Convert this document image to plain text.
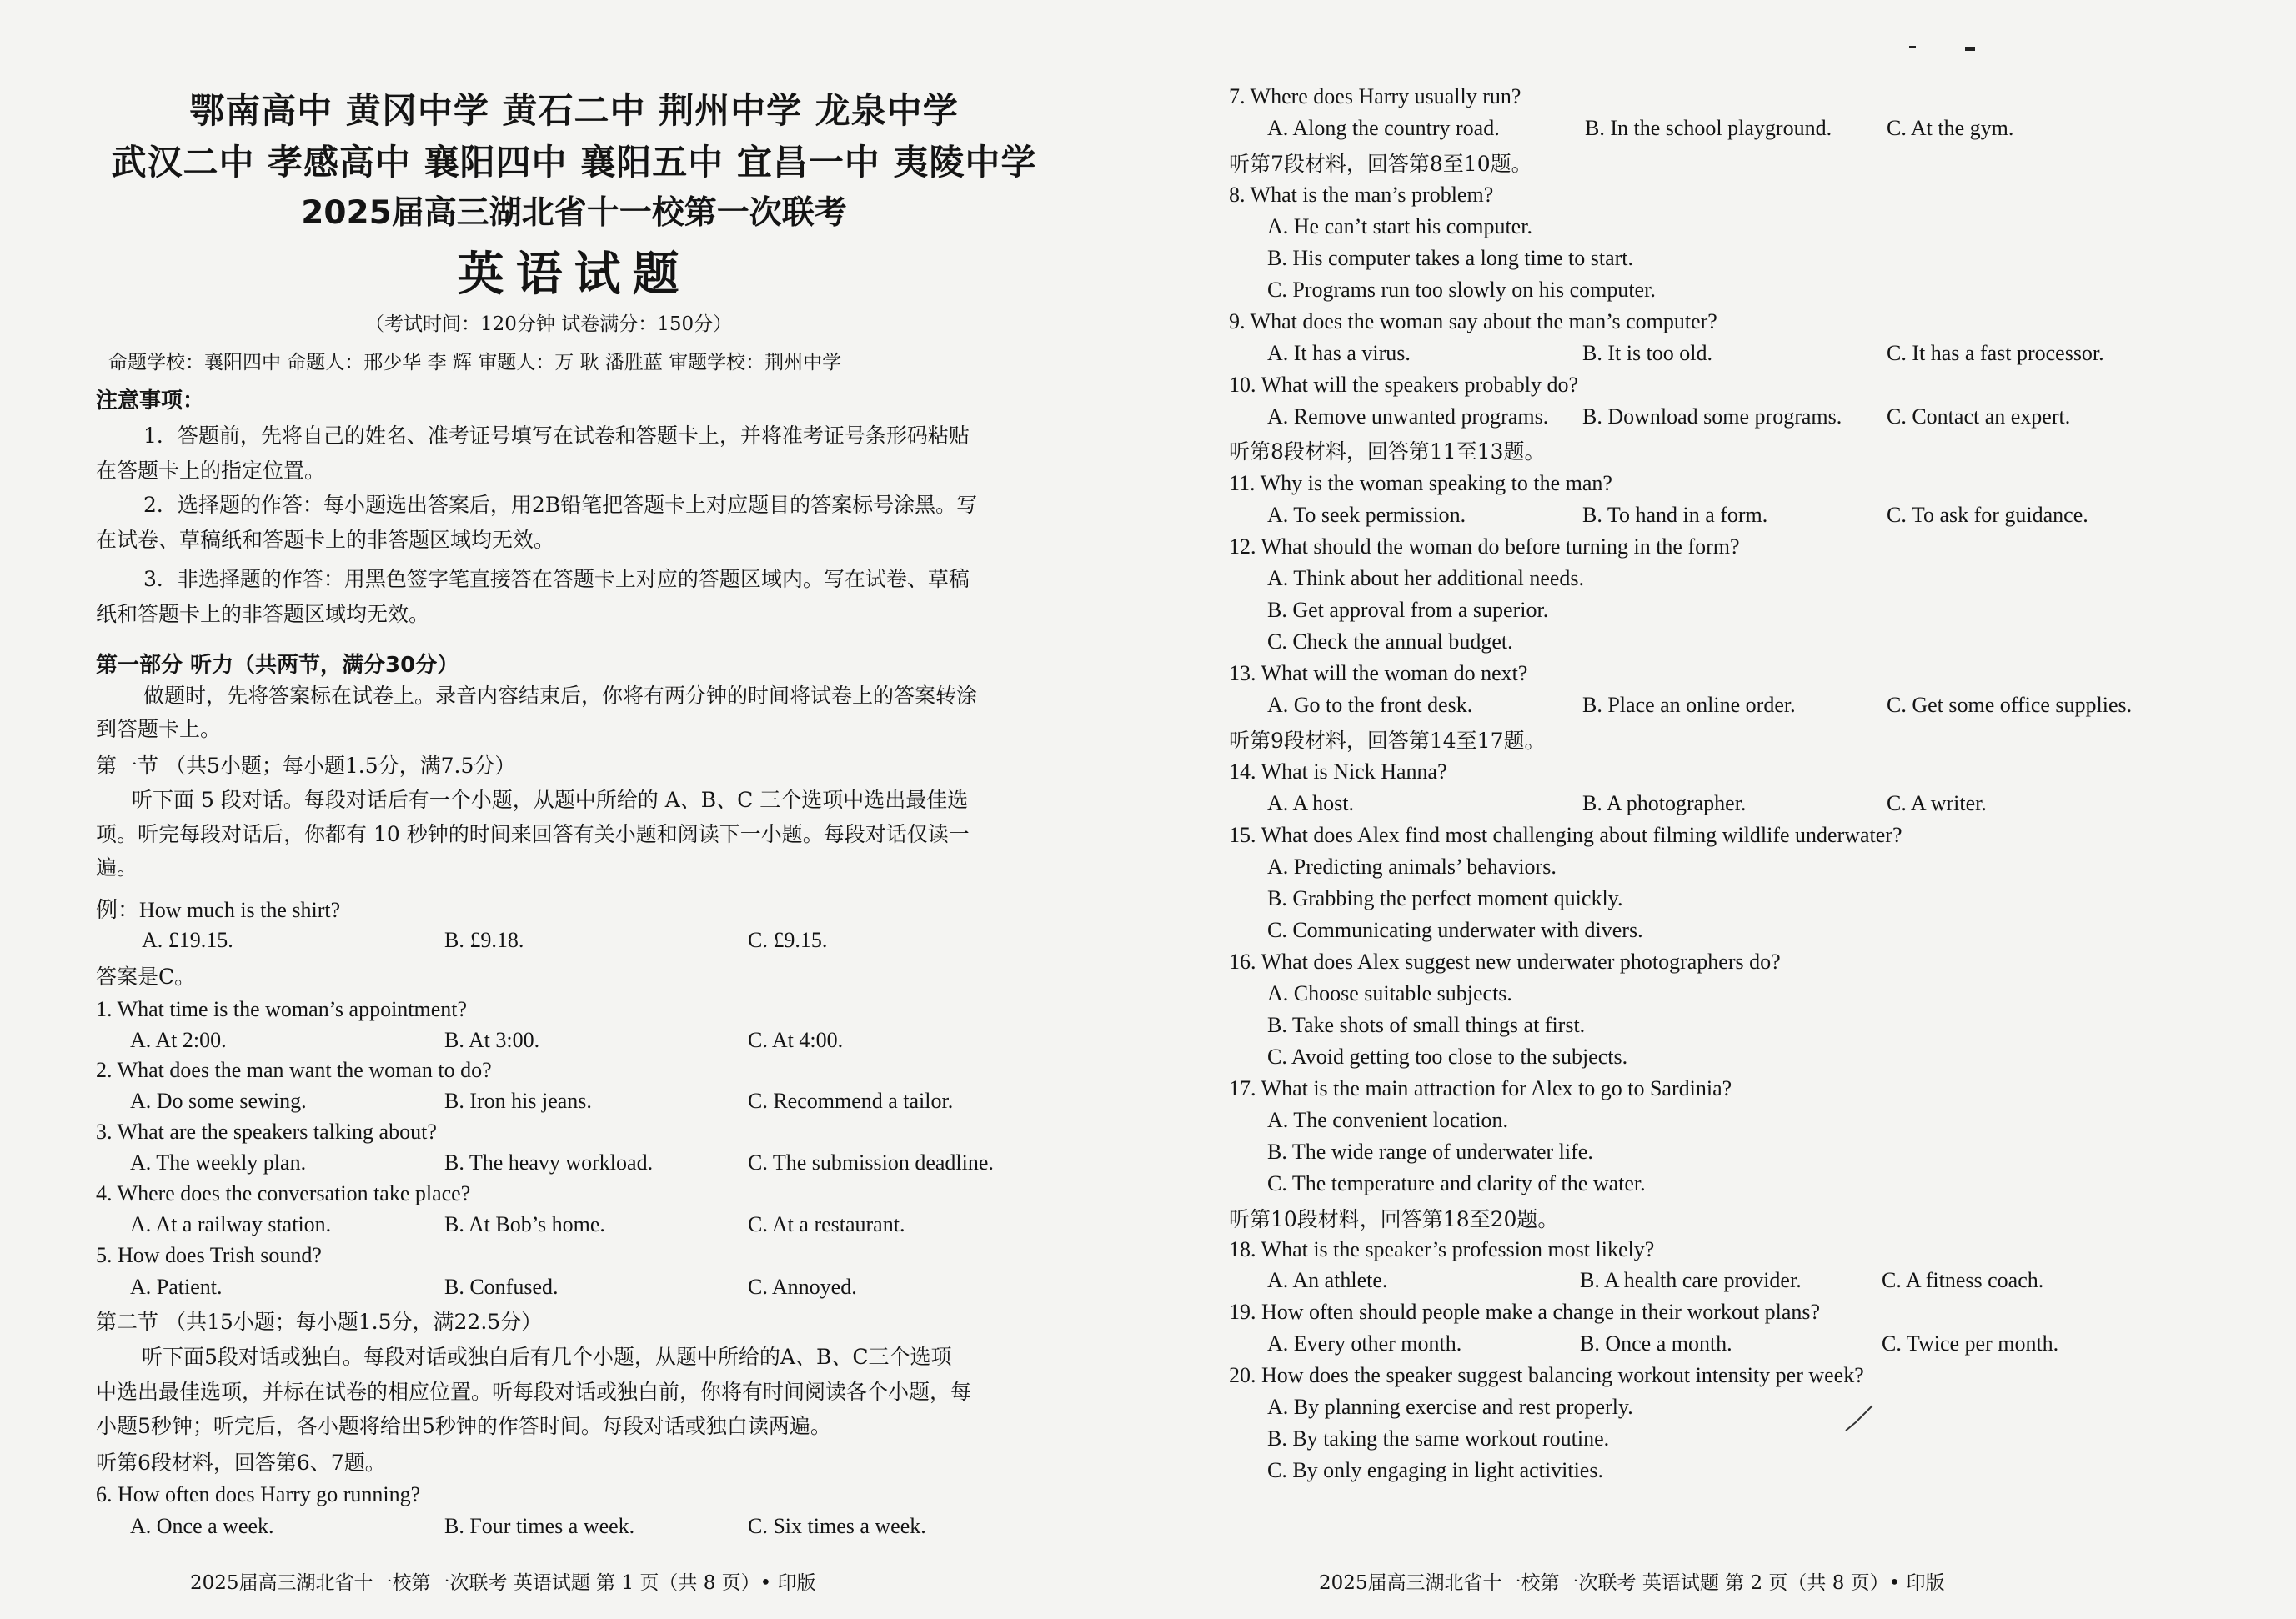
鄂南高中 黄冈中学 黄石二中 荆州中学 龙泉中学
武汉二中 孝感高中 襄阳四中 襄阳五中 宜昌一中 夷陵中学
2025届高三湖北省十一校第一次联考
英语试题
（考试时间：120分钟 试卷满分：150分）
命题学校：襄阳四中 命题人：邢少华 李 辉 审题人：万 耿 潘胜蓝 审题学校：荆州中学
注意事项：
1．答题前，先将自己的姓名、准考证号填写在试卷和答题卡上，并将准考证号条形码粘贴
在答题卡上的指定位置。
2．选择题的作答：每小题选出答案后，用2B铅笔把答题卡上对应题目的答案标号涂黑。写
在试卷、草稿纸和答题卡上的非答题区域均无效。
3．非选择题的作答：用黑色签字笔直接答在答题卡上对应的答题区域内。写在试卷、草稿
纸和答题卡上的非答题区域均无效。
第一部分 听力（共两节，满分30分）
做题时，先将答案标在试卷上。录音内容结束后，你将有两分钟的时间将试卷上的答案转涂
到答题卡上。
第一节 （共5小题；每小题1.5分，满7.5分）
听下面 5 段对话。每段对话后有一个小题，从题中所给的 A、B、C 三个选项中选出最佳选
项。听完每段对话后，你都有 10 秒钟的时间来回答有关小题和阅读下一小题。每段对话仅读一
遍。
例：How much is the shirt?
A. £19.15.	B. £9.18.	C. £9.15.
答案是C。
1. What time is the woman’s appointment?
A. At 2:00.	B. At 3:00.	C. At 4:00.
2. What does the man want the woman to do?
A. Do some sewing.	B. Iron his jeans.	C. Recommend a tailor.
3. What are the speakers talking about?
A. The weekly plan.	B. The heavy workload.	C. The submission deadline.
4. Where does the conversation take place?
A. At a railway station.	B. At Bob’s home.	C. At a restaurant.
5. How does Trish sound?
A. Patient.	B. Confused.	C. Annoyed.
第二节 （共15小题；每小题1.5分，满22.5分）
听下面5段对话或独白。每段对话或独白后有几个小题，从题中所给的A、B、C三个选项
中选出最佳选项，并标在试卷的相应位置。听每段对话或独白前，你将有时间阅读各个小题，每
小题5秒钟；听完后，各小题将给出5秒钟的作答时间。每段对话或独白读两遍。
听第6段材料，回答第6、7题。
6. How often does Harry go running?
A. Once a week.	B. Four times a week.	C. Six times a week.
2025届高三湖北省十一校第一次联考 英语试题 第 1 页（共 8 页）• 印版
7. Where does Harry usually run?
A. Along the country road.	B. In the school playground.	C. At the gym.
听第7段材料，回答第8至10题。
8. What is the man’s problem?
A. He can’t start his computer.
B. His computer takes a long time to start.
C. Programs run too slowly on his computer.
9. What does the woman say about the man’s computer?
A. It has a virus.	B. It is too old.	C. It has a fast processor.
10. What will the speakers probably do?
A. Remove unwanted programs. B. Download some programs. C. Contact an expert.
听第8段材料，回答第11至13题。
11. Why is the woman speaking to the man?
A. To seek permission.	B. To hand in a form.	C. To ask for guidance.
12. What should the woman do before turning in the form?
A. Think about her additional needs.
B. Get approval from a superior.
C. Check the annual budget.
13. What will the woman do next?
A. Go to the front desk.	B. Place an online order.	C. Get some office supplies.
听第9段材料，回答第14至17题。
14. What is Nick Hanna?
A. A host.	B. A photographer.	C. A writer.
15. What does Alex find most challenging about filming wildlife underwater?
A. Predicting animals’ behaviors.
B. Grabbing the perfect moment quickly.
C. Communicating underwater with divers.
16. What does Alex suggest new underwater photographers do?
A. Choose suitable subjects.
B. Take shots of small things at first.
C. Avoid getting too close to the subjects.
17. What is the main attraction for Alex to go to Sardinia?
A. The convenient location.
B. The wide range of underwater life.
C. The temperature and clarity of the water.
听第10段材料，回答第18至20题。
18. What is the speaker’s profession most likely?
A. An athlete.	B. A health care provider.	C. A fitness coach.
19. How often should people make a change in their workout plans?
A. Every other month.	B. Once a month.	C. Twice per month.
20. How does the speaker suggest balancing workout intensity per week?
A. By planning exercise and rest properly.
B. By taking the same workout routine.
C. By only engaging in light activities.
2025届高三湖北省十一校第一次联考 英语试题 第 2 页（共 8 页）• 印版
